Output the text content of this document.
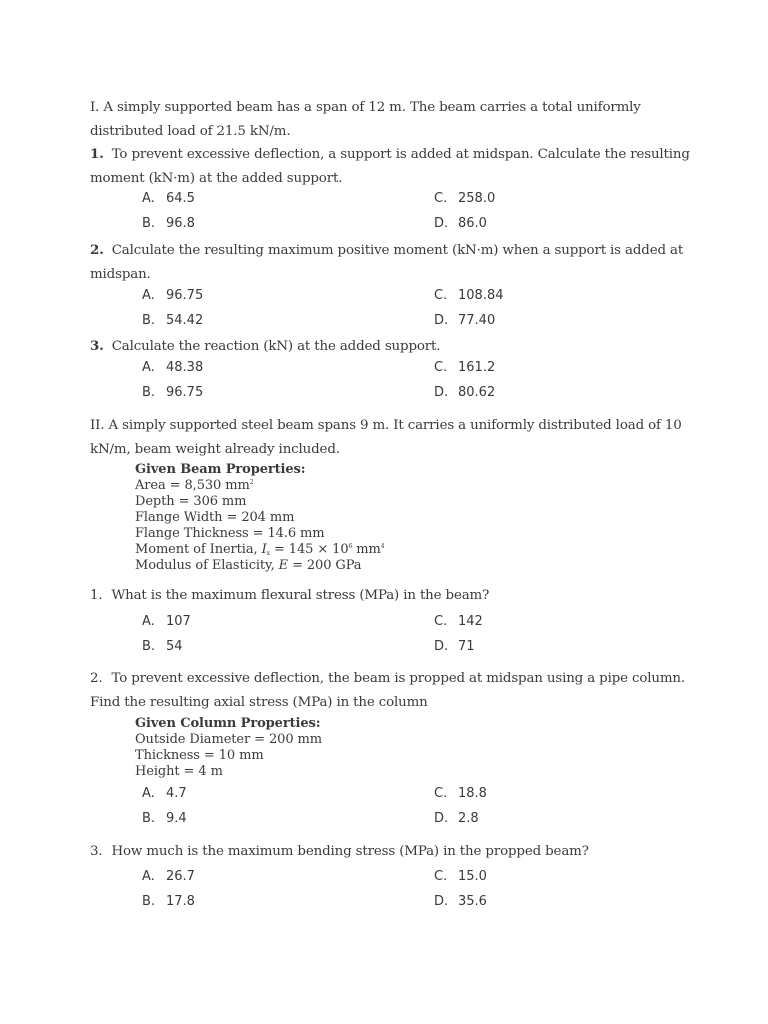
I. A simply supported beam has a span of 12 m. The beam carries a total uniformly distributed load of 21.5 kN/m.
1. To prevent excessive deflection, a support is added at midspan. Calculate the resulting moment (kN·m) at the added support.
A. 64.5	C. 258.0
B. 96.8	D. 86.0
2. Calculate the resulting maximum positive moment (kN·m) when a support is added at midspan.
A. 96.75	C. 108.84
B. 54.42	D. 77.40
3. Calculate the reaction (kN) at the added support.
A. 48.38	C. 161.2
B. 96.75	D. 80.62
II. A simply supported steel beam spans 9 m. It carries a uniformly distributed load of 10 kN/m, beam weight already included.
Given Beam Properties:
Area = 8,530 $mm^2$
Depth = 306 mm
Flange Width = 204 mm
Flange Thickness = 14.6 mm
Moment of Inertia, $I_x = 145 \times 10^6$ $mm^4$
Modulus of Elasticity, E = 200 GPa
1. What is the maximum flexural stress (MPa) in the beam?
A. 107	C. 142
B. 54	D. 71
2. To prevent excessive deflection, the beam is propped at midspan using a pipe column. Find the resulting axial stress (MPa) in the column
Given Column Properties:
Outside Diameter = 200 mm
Thickness = 10 mm
Height = 4 m
A. 4.7	C. 18.8
B. 9.4	D. 2.8
3. How much is the maximum bending stress (MPa) in the propped beam?
A. 26.7	C. 15.0
B. 17.8	D. 35.6
